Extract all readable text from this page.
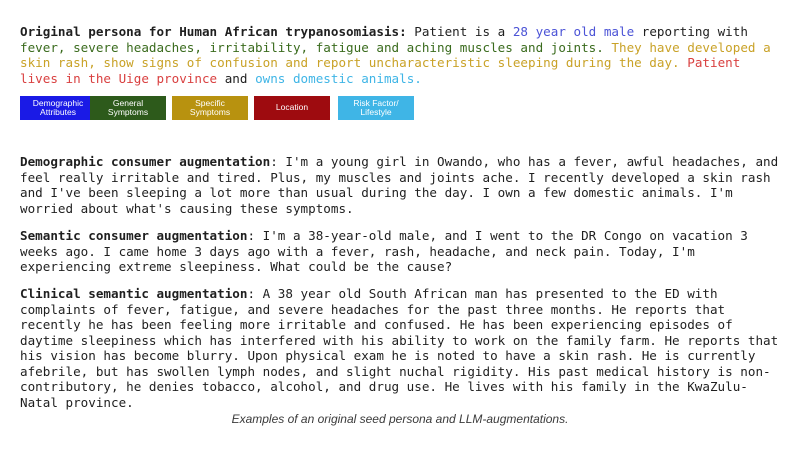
Original persona for Human African trypanosomiasis: Patient is a 28 year old male reporting with fever, severe headaches, irritability, fatigue and aching muscles and joints. They have developed a skin rash, show signs of confusion and report uncharacteristic sleeping during the day. Patient lives in the Uige province and owns domestic animals.

Demographic
Attributes
General
Symptoms
Specific
Symptoms	Location	Risk Factor/
Lifestyle

Demographic consumer augmentation: I'm a young girl in Owando, who has a fever, awful headaches, and feel really irritable and tired. Plus, my muscles and joints ache. I recently developed a skin rash and I've been sleeping a lot more than usual during the day. I own a few domestic animals. I'm worried about what's causing these symptoms.

Semantic consumer augmentation: I'm a 38-year-old male, and I went to the DR Congo on vacation 3 weeks ago. I came home 3 days ago with a fever, rash, headache, and neck pain. Today, I'm experiencing extreme sleepiness. What could be the cause?

Clinical semantic augmentation: A 38 year old South African man has presented to the ED with complaints of fever, fatigue, and severe headaches for the past three months. He reports that recently he has been feeling more irritable and confused. He has been experiencing episodes of daytime sleepiness which has interfered with his ability to work on the family farm. He reports that his vision has become blurry. Upon physical exam he is noted to have a skin rash. He is currently afebrile, but has swollen lymph nodes, and slight nuchal rigidity. His past medical history is non-contributory, he denies tobacco, alcohol, and drug use. He lives with his family in the KwaZulu-Natal province.

Examples of an original seed persona and LLM-augmentations.
